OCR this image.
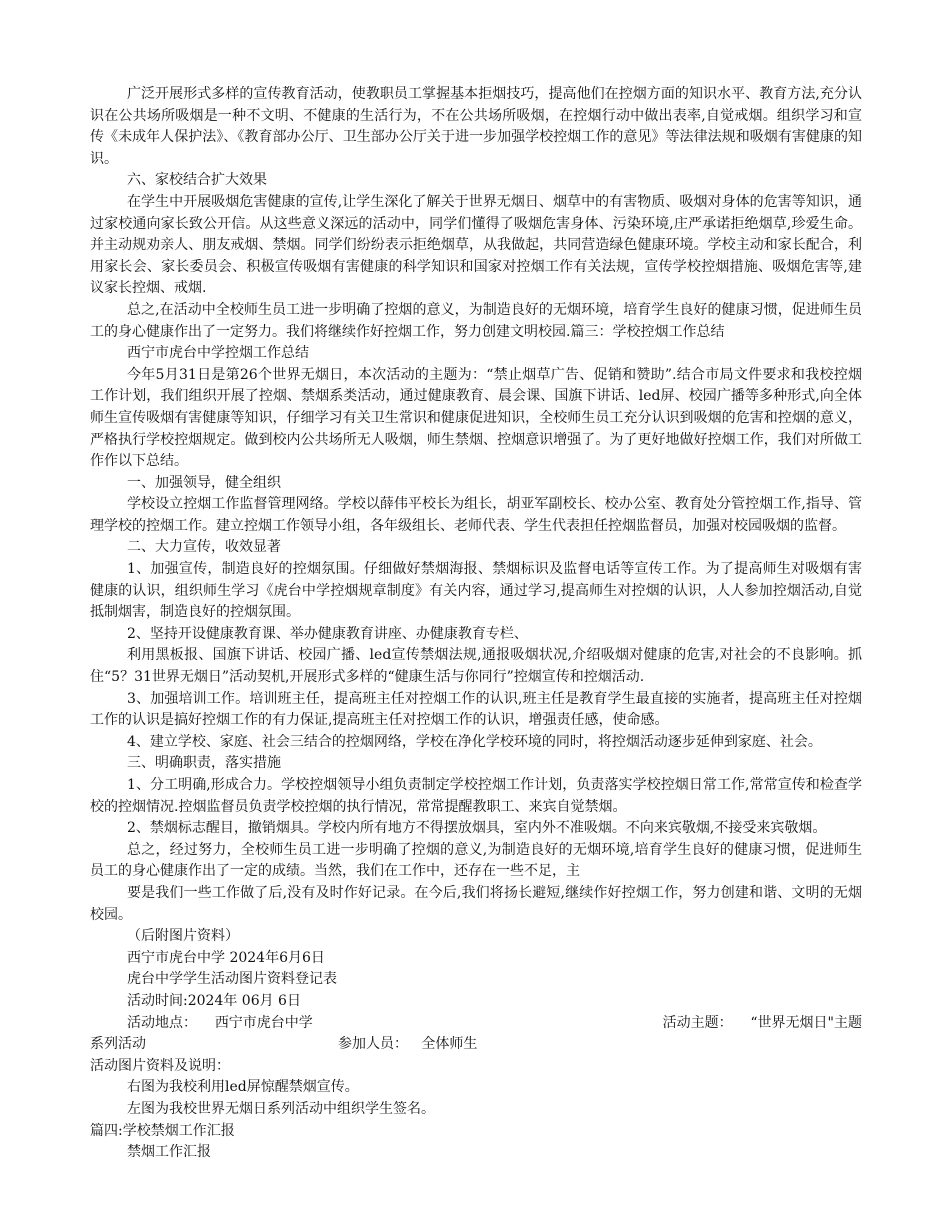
广泛开展形式多样的宣传教育活动，使教职员工掌握基本拒烟技巧，提高他们在控烟方面的知识水平、教育方法,充分认识在公共场所吸烟是一种不文明、不健康的生活行为，不在公共场所吸烟，在控烟行动中做出表率,自觉戒烟。组织学习和宣传《未成年人保护法》、《教育部办公厅、卫生部办公厅关于进一步加强学校控烟工作的意见》等法律法规和吸烟有害健康的知识。

六、家校结合扩大效果

在学生中开展吸烟危害健康的宣传,让学生深化了解关于世界无烟日、烟草中的有害物质、吸烟对身体的危害等知识，通过家校通向家长致公开信。从这些意义深远的活动中，同学们懂得了吸烟危害身体、污染环境,庄严承诺拒绝烟草,珍爱生命。并主动规劝亲人、朋友戒烟、禁烟。同学们纷纷表示拒绝烟草，从我做起，共同营造绿色健康环境。学校主动和家长配合，利用家长会、家长委员会、积极宣传吸烟有害健康的科学知识和国家对控烟工作有关法规，宣传学校控烟措施、吸烟危害等,建议家长控烟、戒烟.

总之,在活动中全校师生员工进一步明确了控烟的意义，为制造良好的无烟环境，培育学生良好的健康习惯，促进师生员工的身心健康作出了一定努力。我们将继续作好控烟工作，努力创建文明校园.篇三：学校控烟工作总结

西宁市虎台中学控烟工作总结

今年5月31日是第26个世界无烟日，本次活动的主题为：“禁止烟草广告、促销和赞助”.结合市局文件要求和我校控烟工作计划，我们组织开展了控烟、禁烟系类活动，通过健康教育、晨会课、国旗下讲话、led屏、校园广播等多种形式,向全体师生宣传吸烟有害健康等知识，仔细学习有关卫生常识和健康促进知识，全校师生员工充分认识到吸烟的危害和控烟的意义，严格执行学校控烟规定。做到校内公共场所无人吸烟，师生禁烟、控烟意识增强了。为了更好地做好控烟工作，我们对所做工作作以下总结。

一、加强领导，健全组织

学校设立控烟工作监督管理网络。学校以薛伟平校长为组长，胡亚军副校长、校办公室、教育处分管控烟工作,指导、管理学校的控烟工作。建立控烟工作领导小组，各年级组长、老师代表、学生代表担任控烟监督员，加强对校园吸烟的监督。

二、大力宣传，收效显著

1、加强宣传，制造良好的控烟氛围。仔细做好禁烟海报、禁烟标识及监督电话等宣传工作。为了提高师生对吸烟有害健康的认识，组织师生学习《虎台中学控烟规章制度》有关内容，通过学习,提高师生对控烟的认识，人人参加控烟活动,自觉抵制烟害，制造良好的控烟氛围。

2、坚持开设健康教育课、举办健康教育讲座、办健康教育专栏、

利用黑板报、国旗下讲话、校园广播、led宣传禁烟法规,通报吸烟状况,介绍吸烟对健康的危害,对社会的不良影响。抓住“5？31世界无烟日”活动契机,开展形式多样的“健康生活与你同行”控烟宣传和控烟活动.

3、加强培训工作。培训班主任，提高班主任对控烟工作的认识,班主任是教育学生最直接的实施者，提高班主任对控烟工作的认识是搞好控烟工作的有力保证,提高班主任对控烟工作的认识，增强责任感，使命感。

4、建立学校、家庭、社会三结合的控烟网络，学校在净化学校环境的同时，将控烟活动逐步延伸到家庭、社会。

三、明确职责，落实措施

1、分工明确,形成合力。学校控烟领导小组负责制定学校控烟工作计划，负责落实学校控烟日常工作,常常宣传和检查学校的控烟情况.控烟监督员负责学校控烟的执行情况，常常提醒教职工、来宾自觉禁烟。

2、禁烟标志醒目，撤销烟具。学校内所有地方不得摆放烟具，室内外不准吸烟。不向来宾敬烟,不接受来宾敬烟。

总之，经过努力，全校师生员工进一步明确了控烟的意义,为制造良好的无烟环境,培育学生良好的健康习惯，促进师生员工的身心健康作出了一定的成绩。当然，我们在工作中，还存在一些不足，主

要是我们一些工作做了后,没有及时作好记录。在今后,我们将扬长避短,继续作好控烟工作，努力创建和谐、文明的无烟校园。

（后附图片资料）

西宁市虎台中学 2024年6月6日

虎台中学学生活动图片资料登记表

活动时间:2024年 06月 6日

活动地点： 西宁市虎台中学	活动主题： “世界无烟日"主题
系列活动	参加人员：
全体师生

活动图片资料及说明：

右图为我校利用led屏惊醒禁烟宣传。

左图为我校世界无烟日系列活动中组织学生签名。

篇四:学校禁烟工作汇报

禁烟工作汇报
